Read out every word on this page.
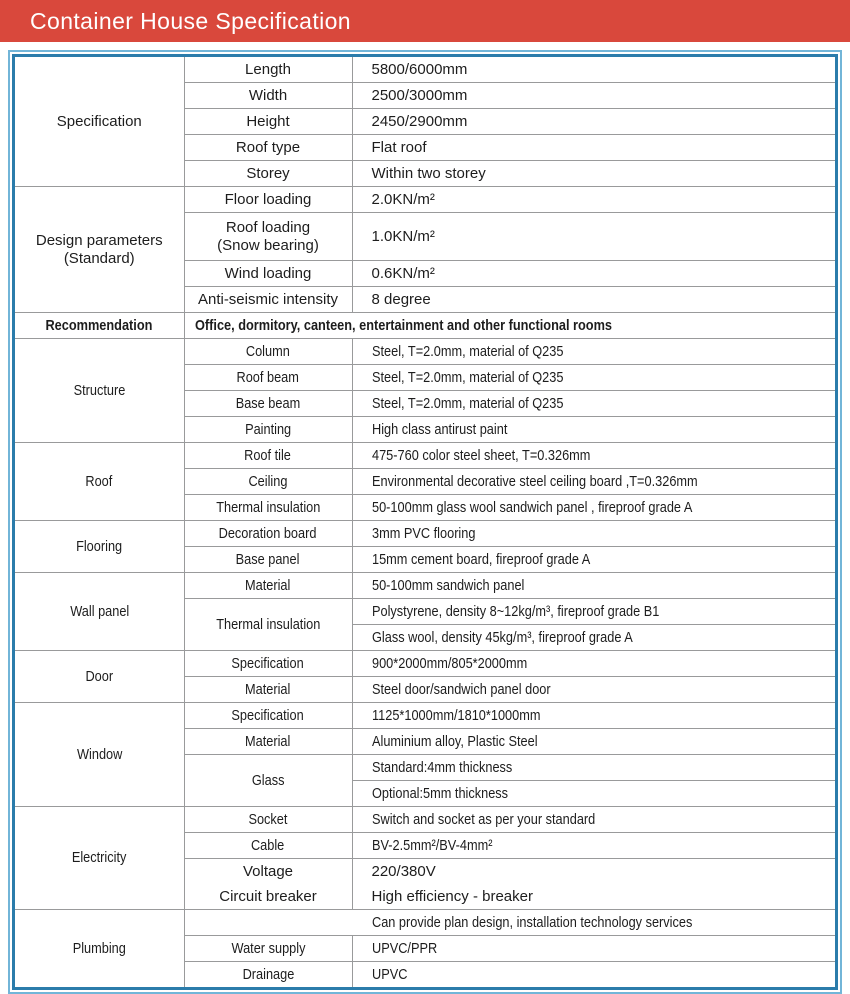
Container House Specification
Specification	Length	5800/6000mm
	Width	2500/3000mm
	Height	2450/2900mm
	Roof type	Flat roof
	Storey	Within two storey
Design parameters (Standard)	Floor loading	2.0KN/m²
	Roof loading (Snow bearing)	1.0KN/m²
	Wind loading	0.6KN/m²
	Anti-seismic intensity	8 degree
Recommendation	Office, dormitory, canteen, entertainment and other functional rooms	
Structure	Column	Steel, T=2.0mm, material of Q235
	Roof beam	Steel, T=2.0mm, material of Q235
	Base beam	Steel, T=2.0mm, material of Q235
	Painting	High class antirust paint
Roof	Roof tile	475-760 color steel sheet, T=0.326mm
	Ceiling	Environmental decorative steel ceiling board ,T=0.326mm
	Thermal insulation	50-100mm glass wool sandwich panel , fireproof grade A
Flooring	Decoration board	3mm PVC flooring
	Base panel	15mm cement board, fireproof grade A
Wall panel	Material	50-100mm sandwich panel
	Thermal insulation	Polystyrene, density 8~12kg/m³, fireproof grade B1
		Glass wool, density 45kg/m³, fireproof grade A
Door	Specification	900*2000mm/805*2000mm
	Material	Steel door/sandwich panel door
Window	Specification	1125*1000mm/1810*1000mm
	Material	Aluminium alloy, Plastic Steel
	Glass	Standard:4mm thickness
		Optional:5mm thickness
Electricity	Socket	Switch and socket as per your standard
	Cable	BV-2.5mm²/BV-4mm²
	Voltage	220/380V
	Circuit breaker	High efficiency - breaker
Plumbing	Can provide plan design, installation technology services	
	Water supply	UPVC/PPR
	Drainage	UPVC
